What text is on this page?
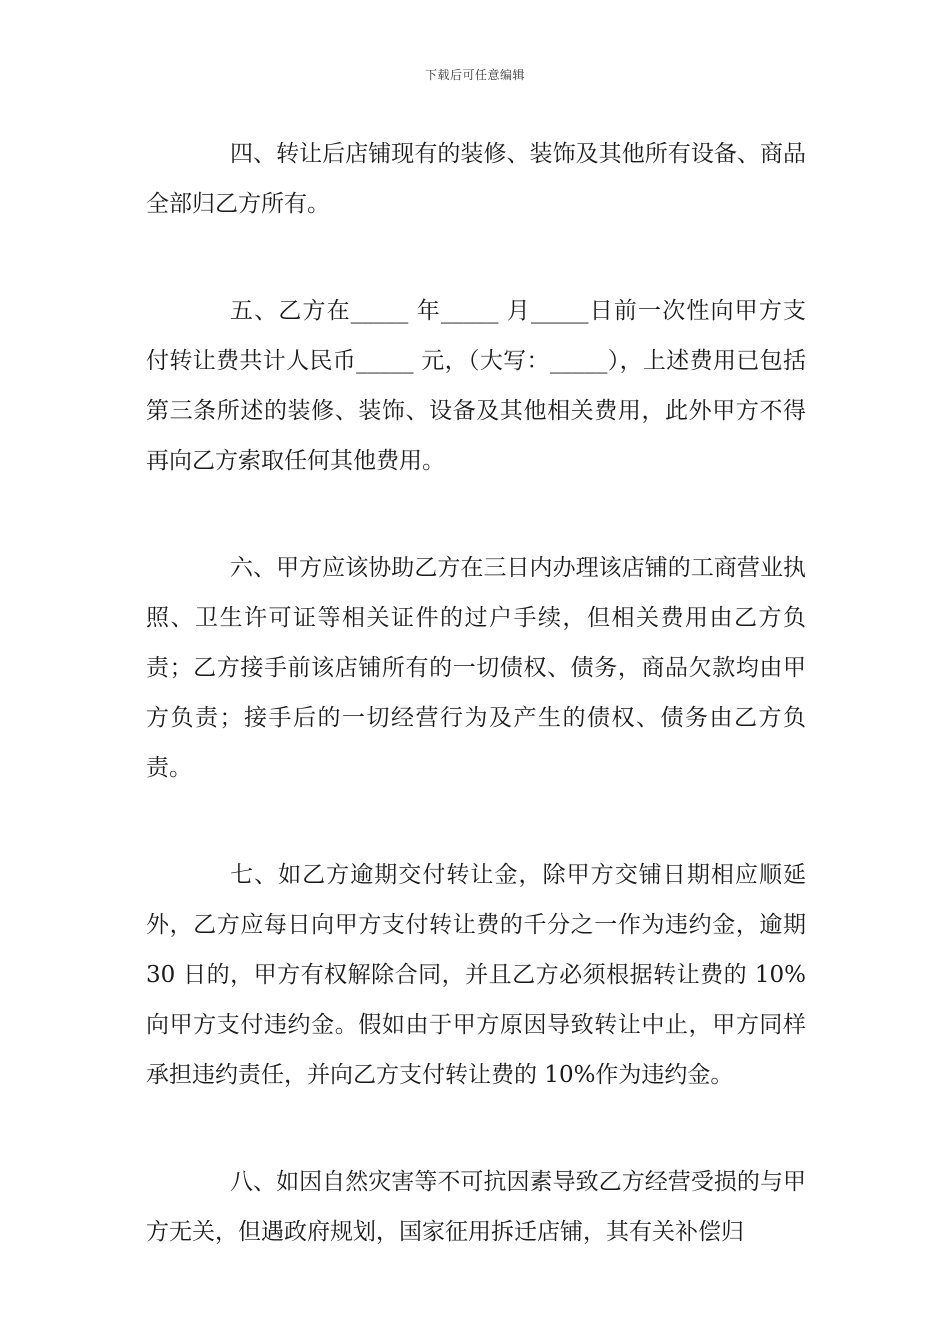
下载后可任意编辑

四、转让后店铺现有的装修、装饰及其他所有设备、商品全部归乙方所有。

五、乙方在_____ 年_____ 月_____日前一次性向甲方支付转让费共计人民币_____ 元，（大写：_____），上述费用已包括第三条所述的装修、装饰、设备及其他相关费用，此外甲方不得再向乙方索取任何其他费用。

六、甲方应该协助乙方在三日内办理该店铺的工商营业执照、卫生许可证等相关证件的过户手续，但相关费用由乙方负责；乙方接手前该店铺所有的一切债权、债务，商品欠款均由甲方负责；接手后的一切经营行为及产生的债权、债务由乙方负责。

七、如乙方逾期交付转让金，除甲方交铺日期相应顺延外，乙方应每日向甲方支付转让费的千分之一作为违约金，逾期 30 日的，甲方有权解除合同，并且乙方必须根据转让费的 10%向甲方支付违约金。假如由于甲方原因导致转让中止，甲方同样承担违约责任，并向乙方支付转让费的 10%作为违约金。

八、如因自然灾害等不可抗因素导致乙方经营受损的与甲方无关，但遇政府规划，国家征用拆迁店铺，其有关补偿归
